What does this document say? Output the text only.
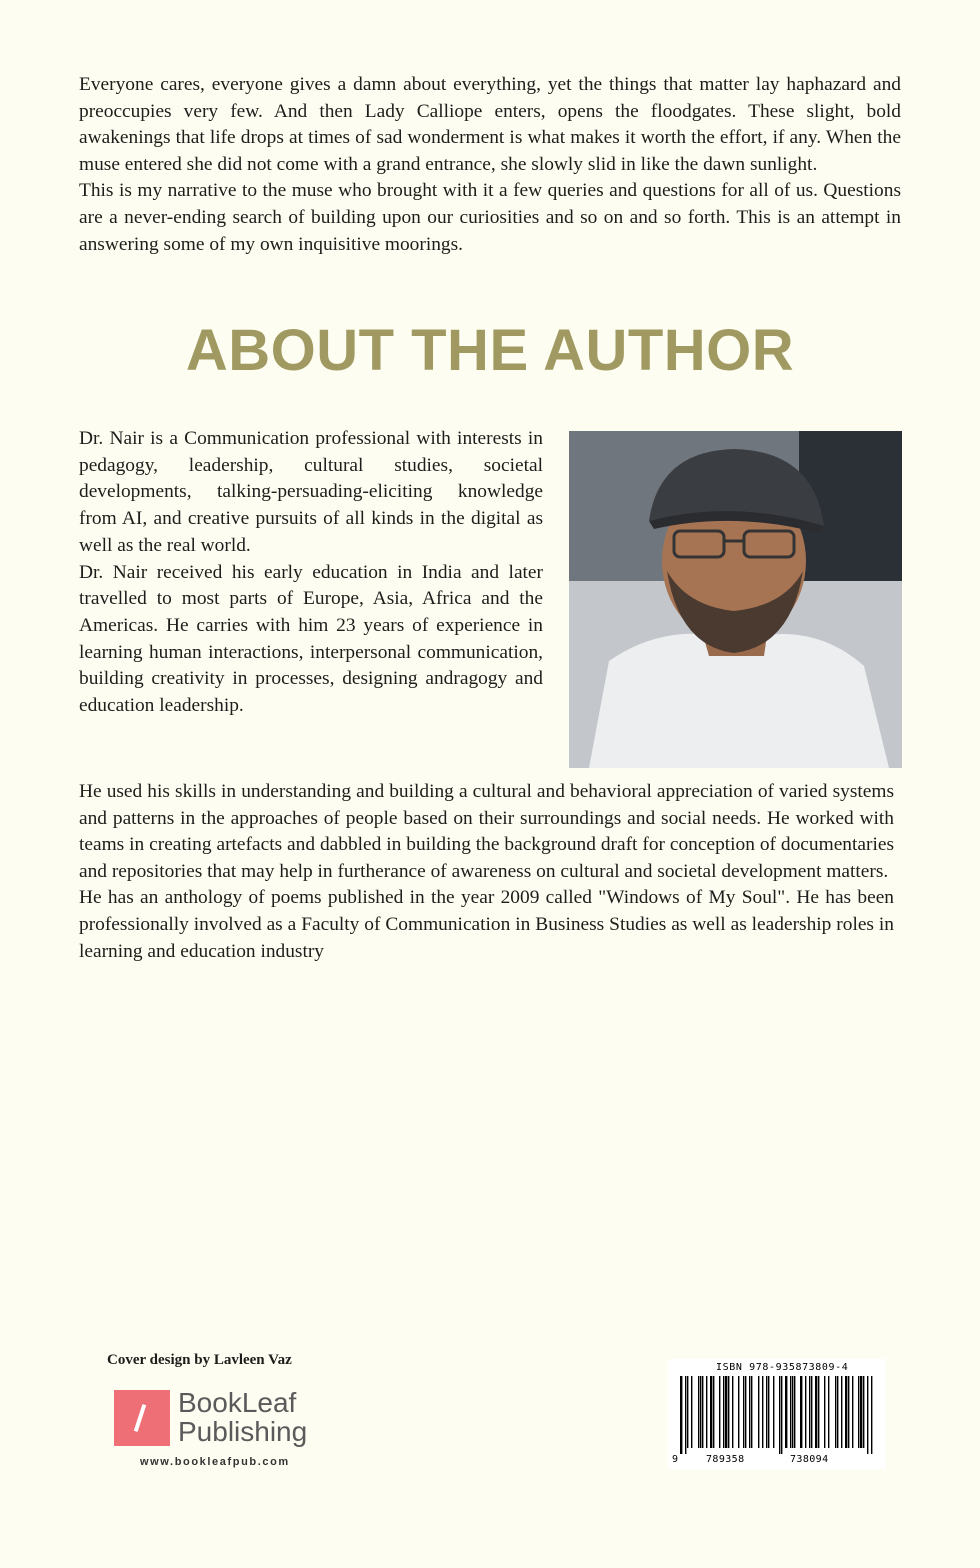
Everyone cares, everyone gives a damn about everything, yet the things that matter lay haphazard and preoccupies very few. And then Lady Calliope enters, opens the floodgates. These slight, bold awakenings that life drops at times of sad wonderment is what makes it worth the effort, if any. When the muse entered she did not come with a grand entrance, she slowly slid in like the dawn sunlight.

This is my narrative to the muse who brought with it a few queries and questions for all of us. Questions are a never-ending search of building upon our curiosities and so on and so forth. This is an attempt in answering some of my own inquisitive moorings.

ABOUT THE AUTHOR

Dr. Nair is a Communication professional with interests in pedagogy, leadership, cultural studies, societal developments, talking-persuading-eliciting knowledge from AI, and creative pursuits of all kinds in the digital as well as the real world.

Dr. Nair received his early education in India and later travelled to most parts of Europe, Asia, Africa and the Americas. He carries with him 23 years of experience in learning human interactions, interpersonal communication, building creativity in processes, designing andragogy and education leadership.

He used his skills in understanding and building a cultural and behavioral appreciation of varied systems and patterns in the approaches of people based on their surroundings and social needs. He worked with teams in creating artefacts and dabbled in building the background draft for conception of documentaries and repositories that may help in furtherance of awareness on cultural and societal development matters.

He has an anthology of poems published in the year 2009 called "Windows of My Soul". He has been professionally involved as a Faculty of Communication in Business Studies as well as leadership roles in learning and education industry

Cover design by Lavleen Vaz
BookLeaf
Publishing
www.bookleafpub.com
ISBN 978-935873809-4
9	789358	738094
